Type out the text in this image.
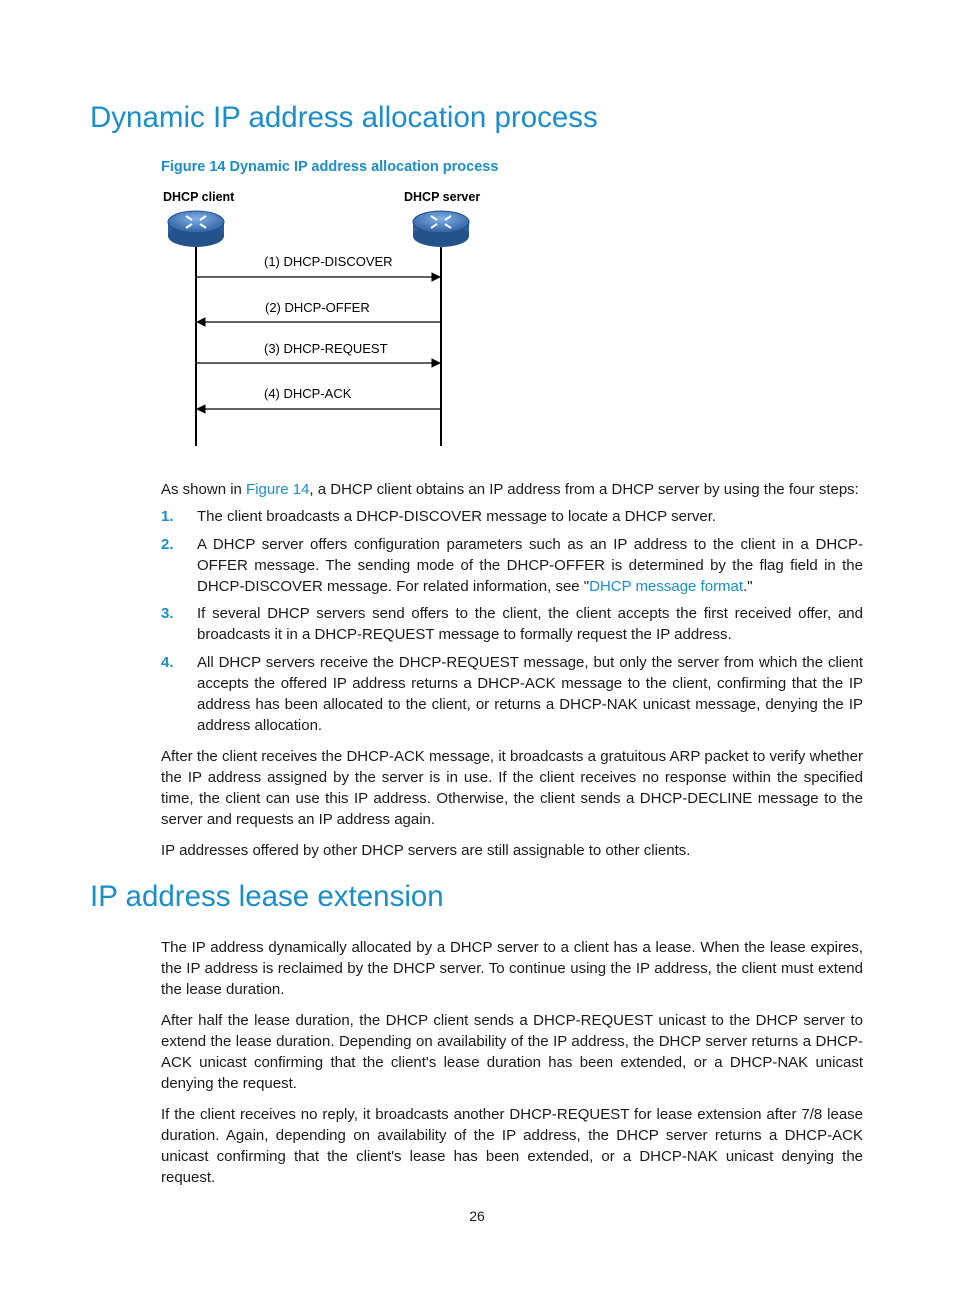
Dynamic IP address allocation process
Figure 14 Dynamic IP address allocation process
DHCP client	DHCP server
(1) DHCP-DISCOVER
(2) DHCP-OFFER
(3) DHCP-REQUEST
(4) DHCP-ACK

As shown in Figure 14, a DHCP client obtains an IP address from a DHCP server by using the four steps:

1. The client broadcasts a DHCP-DISCOVER message to locate a DHCP server.
2. A DHCP server offers configuration parameters such as an IP address to the client in a DHCP-OFFER message. The sending mode of the DHCP-OFFER is determined by the flag field in the DHCP-DISCOVER message. For related information, see "DHCP message format."
3. If several DHCP servers send offers to the client, the client accepts the first received offer, and broadcasts it in a DHCP-REQUEST message to formally request the IP address.
4. All DHCP servers receive the DHCP-REQUEST message, but only the server from which the client accepts the offered IP address returns a DHCP-ACK message to the client, confirming that the IP address has been allocated to the client, or returns a DHCP-NAK unicast message, denying the IP address allocation.

After the client receives the DHCP-ACK message, it broadcasts a gratuitous ARP packet to verify whether the IP address assigned by the server is in use. If the client receives no response within the specified time, the client can use this IP address. Otherwise, the client sends a DHCP-DECLINE message to the server and requests an IP address again.

IP addresses offered by other DHCP servers are still assignable to other clients.

IP address lease extension

The IP address dynamically allocated by a DHCP server to a client has a lease. When the lease expires, the IP address is reclaimed by the DHCP server. To continue using the IP address, the client must extend the lease duration.

After half the lease duration, the DHCP client sends a DHCP-REQUEST unicast to the DHCP server to extend the lease duration. Depending on availability of the IP address, the DHCP server returns a DHCP-ACK unicast confirming that the client's lease duration has been extended, or a DHCP-NAK unicast denying the request.

If the client receives no reply, it broadcasts another DHCP-REQUEST for lease extension after 7/8 lease duration. Again, depending on availability of the IP address, the DHCP server returns a DHCP-ACK unicast confirming that the client's lease has been extended, or a DHCP-NAK unicast denying the request.

26
